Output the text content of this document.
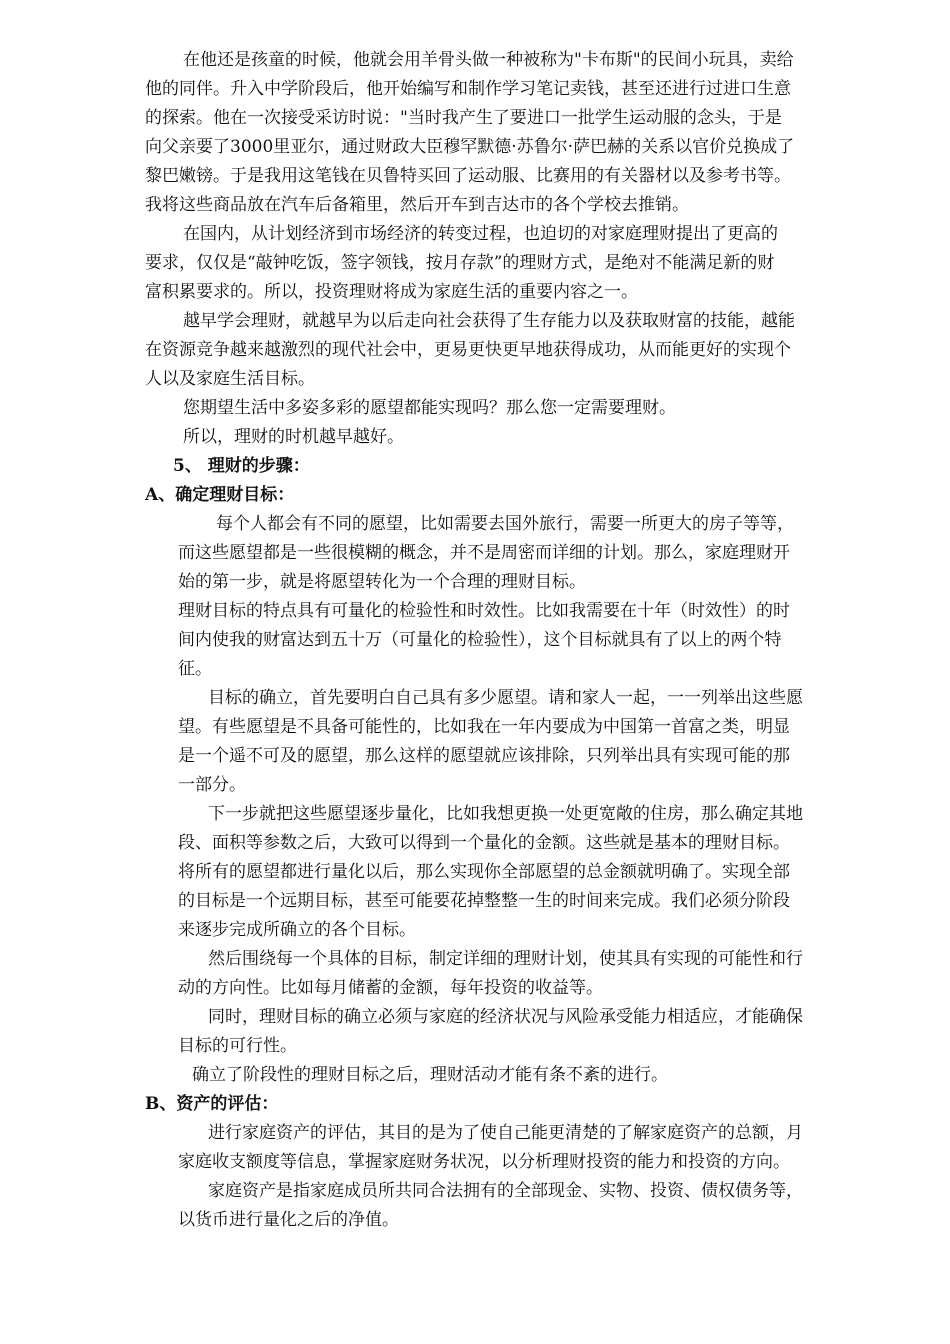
在他还是孩童的时候，他就会用羊骨头做一种被称为"卡布斯"的民间小玩具，卖给
他的同伴。升入中学阶段后，他开始编写和制作学习笔记卖钱，甚至还进行过进口生意
的探索。他在一次接受采访时说："当时我产生了要进口一批学生运动服的念头，于是
向父亲要了3000里亚尔，通过财政大臣穆罕默德·苏鲁尔·萨巴赫的关系以官价兑换成了
黎巴嫩镑。于是我用这笔钱在贝鲁特买回了运动服、比赛用的有关器材以及参考书等。
我将这些商品放在汽车后备箱里，然后开车到吉达市的各个学校去推销。
在国内，从计划经济到市场经济的转变过程，也迫切的对家庭理财提出了更高的
要求，仅仅是“敲钟吃饭，签字领钱，按月存款”的理财方式，是绝对不能满足新的财
富积累要求的。所以，投资理财将成为家庭生活的重要内容之一。
越早学会理财，就越早为以后走向社会获得了生存能力以及获取财富的技能，越能
在资源竞争越来越激烈的现代社会中，更易更快更早地获得成功，从而能更好的实现个
人以及家庭生活目标。
您期望生活中多姿多彩的愿望都能实现吗？那么您一定需要理财。
所以，理财的时机越早越好。
5、 理财的步骤：
A、确定理财目标：
每个人都会有不同的愿望，比如需要去国外旅行，需要一所更大的房子等等，
而这些愿望都是一些很模糊的概念，并不是周密而详细的计划。那么，家庭理财开
始的第一步，就是将愿望转化为一个合理的理财目标。
理财目标的特点具有可量化的检验性和时效性。比如我需要在十年（时效性）的时
间内使我的财富达到五十万（可量化的检验性），这个目标就具有了以上的两个特
征。
目标的确立，首先要明白自己具有多少愿望。请和家人一起，一一列举出这些愿
望。有些愿望是不具备可能性的，比如我在一年内要成为中国第一首富之类，明显
是一个遥不可及的愿望，那么这样的愿望就应该排除，只列举出具有实现可能的那
一部分。
下一步就把这些愿望逐步量化，比如我想更换一处更宽敞的住房，那么确定其地
段、面积等参数之后，大致可以得到一个量化的金额。这些就是基本的理财目标。
将所有的愿望都进行量化以后，那么实现你全部愿望的总金额就明确了。实现全部
的目标是一个远期目标，甚至可能要花掉整整一生的时间来完成。我们必须分阶段
来逐步完成所确立的各个目标。
然后围绕每一个具体的目标，制定详细的理财计划，使其具有实现的可能性和行
动的方向性。比如每月储蓄的金额，每年投资的收益等。
同时，理财目标的确立必须与家庭的经济状况与风险承受能力相适应，才能确保
目标的可行性。
确立了阶段性的理财目标之后，理财活动才能有条不紊的进行。
B、资产的评估：
进行家庭资产的评估，其目的是为了使自己能更清楚的了解家庭资产的总额，月
家庭收支额度等信息，掌握家庭财务状况，以分析理财投资的能力和投资的方向。
家庭资产是指家庭成员所共同合法拥有的全部现金、实物、投资、债权债务等，
以货币进行量化之后的净值。
